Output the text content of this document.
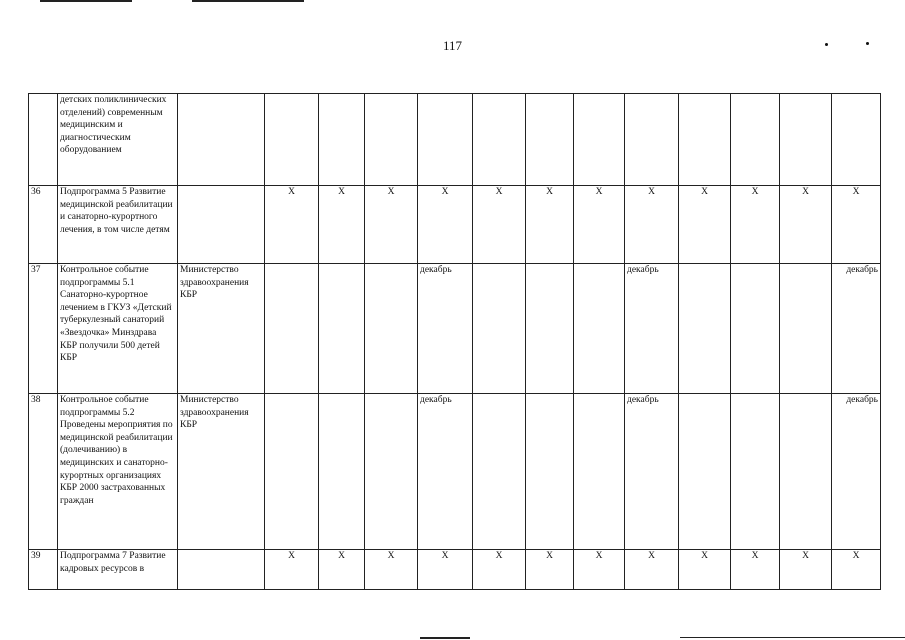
117
	детских поликлинических отделений) современным медицинским и диагностическим оборудованием													
36	Подпрограмма 5 Развитие медицинской реабилитации и санаторно-курортного лечения, в том числе детям		Х	Х	Х	Х	Х	Х	Х	Х	Х	Х	Х	Х
37	Контрольное событие подпрограммы 5.1 Санаторно-курортное лечением в ГКУЗ «Детский туберкулезный санаторий «Звездочка» Минздрава КБР получили 500 детей КБР	Министерство здравоохранения КБР				декабрь				декабрь				декабрь
38	Контрольное событие подпрограммы 5.2 Проведены мероприятия по медицинской реабилитации (долечиванию) в медицинских и санаторно-курортных организациях КБР 2000 застрахованных граждан	Министерство здравоохранения КБР				декабрь				декабрь				декабрь
39	Подпрограмма 7 Развитие кадровых ресурсов в		Х	Х	Х	Х	Х	Х	Х	Х	Х	Х	Х	Х
